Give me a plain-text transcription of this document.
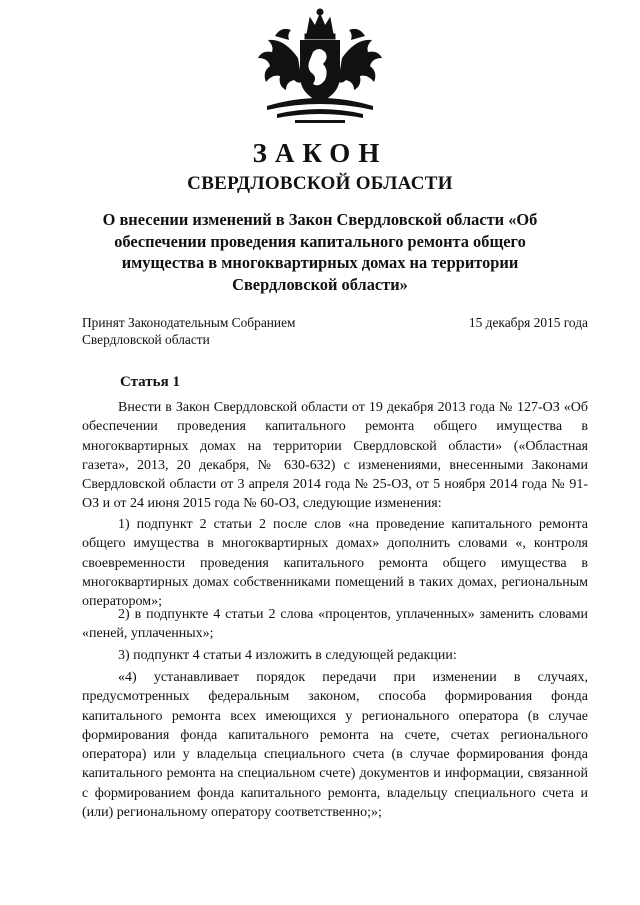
ЗАКОН
СВЕРДЛОВСКОЙ ОБЛАСТИ
О внесении изменений в Закон Свердловской области «Об обеспечении проведения капитального ремонта общего имущества в многоквартирных домах на территории Свердловской области»
Принят Законодательным Собранием Свердловской области
15 декабря 2015 года
Статья 1

Внести в Закон Свердловской области от 19 декабря 2013 года № 127-ОЗ «Об обеспечении проведения капитального ремонта общего имущества в многоквартирных домах на территории Свердловской области» («Областная газета», 2013, 20 декабря, № 630-632) с изменениями, внесенными Законами Свердловской области от 3 апреля 2014 года № 25-ОЗ, от 5 ноября 2014 года № 91-ОЗ и от 24 июня 2015 года № 60-ОЗ, следующие изменения:

1) подпункт 2 статьи 2 после слов «на проведение капитального ремонта общего имущества в многоквартирных домах» дополнить словами «, контроля своевременности проведения капитального ремонта общего имущества в многоквартирных домах собственниками помещений в таких домах, региональным оператором»;

2) в подпункте 4 статьи 2 слова «процентов, уплаченных» заменить словами «пеней, уплаченных»;

3) подпункт 4 статьи 4 изложить в следующей редакции:

«4) устанавливает порядок передачи при изменении в случаях, предусмотренных федеральным законом, способа формирования фонда капитального ремонта всех имеющихся у регионального оператора (в случае формирования фонда капитального ремонта на счете, счетах регионального оператора) или у владельца специального счета (в случае формирования фонда капитального ремонта на специальном счете) документов и информации, связанной с формированием фонда капитального ремонта, владельцу специального счета и (или) региональному оператору соответственно;»;
